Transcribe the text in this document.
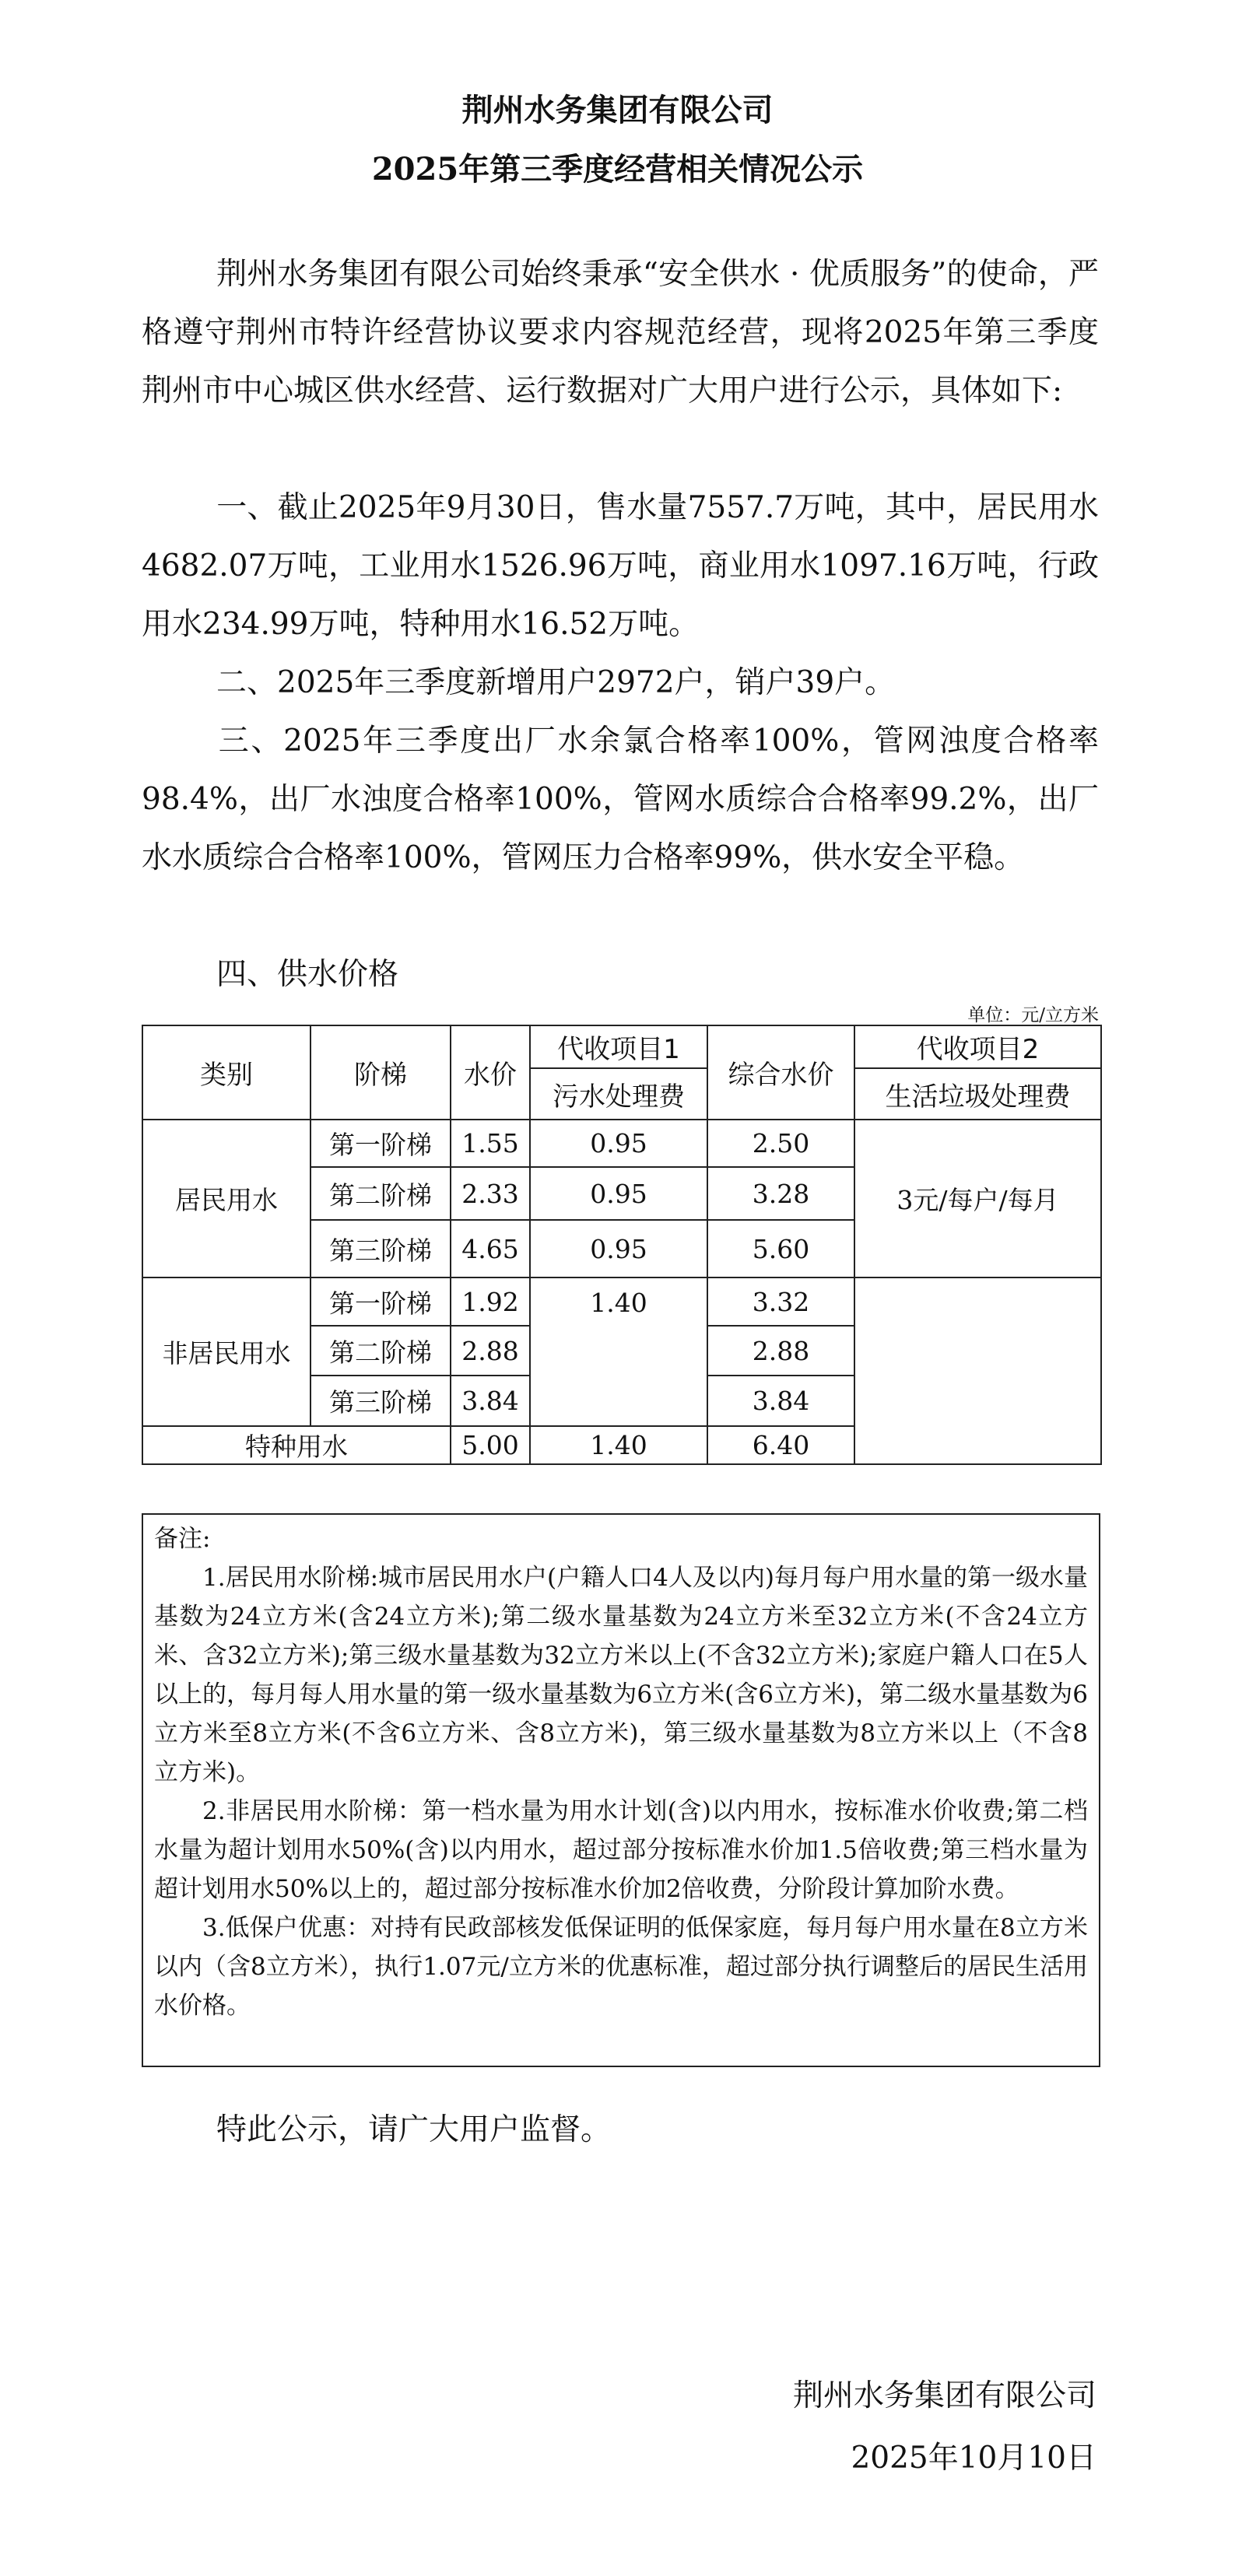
荆州水务集团有限公司
2025年第三季度经营相关情况公示
荆州水务集团有限公司始终秉承“安全供水 · 优质服务”的使命，严格遵守荆州市特许经营协议要求内容规范经营，现将2025年第三季度荆州市中心城区供水经营、运行数据对广大用户进行公示，具体如下:
一、截止2025年9月30日，售水量7557.7万吨，其中，居民用水4682.07万吨，工业用水1526.96万吨，商业用水1097.16万吨，行政用水234.99万吨，特种用水16.52万吨。
二、2025年三季度新增用户2972户，销户39户。
三、2025年三季度出厂水余氯合格率100%，管网浊度合格率98.4%，出厂水浊度合格率100%，管网水质综合合格率99.2%，出厂水水质综合合格率100%，管网压力合格率99%，供水安全平稳。
四、供水价格
单位：元/立方米
类别	阶梯	水价	代收项目1	综合水价	代收项目2
			污水处理费		生活垃圾处理费
居民用水	第一阶梯	1.55	0.95	2.50	3元/每户/每月
	第二阶梯	2.33	0.95	3.28	
	第三阶梯	4.65	0.95	5.60	
非居民用水	第一阶梯	1.92	1.40	3.32	
	第二阶梯	2.88		2.88	
	第三阶梯	3.84		3.84	
特种用水		5.00	1.40	6.40	

备注:

1.居民用水阶梯:城市居民用水户(户籍人口4人及以内)每月每户用水量的第一级水量基数为24立方米(含24立方米);第二级水量基数为24立方米至32立方米(不含24立方米、含32立方米);第三级水量基数为32立方米以上(不含32立方米);家庭户籍人口在5人以上的，每月每人用水量的第一级水量基数为6立方米(含6立方米)，第二级水量基数为6立方米至8立方米(不含6立方米、含8立方米)，第三级水量基数为8立方米以上（不含8立方米)。

2.非居民用水阶梯：第一档水量为用水计划(含)以内用水，按标准水价收费;第二档水量为超计划用水50%(含)以内用水，超过部分按标准水价加1.5倍收费;第三档水量为超计划用水50%以上的，超过部分按标准水价加2倍收费，分阶段计算加阶水费。

3.低保户优惠：对持有民政部核发低保证明的低保家庭，每月每户用水量在8立方米以内（含8立方米），执行1.07元/立方米的优惠标准，超过部分执行调整后的居民生活用水价格。

特此公示，请广大用户监督。
荆州水务集团有限公司
2025年10月10日
